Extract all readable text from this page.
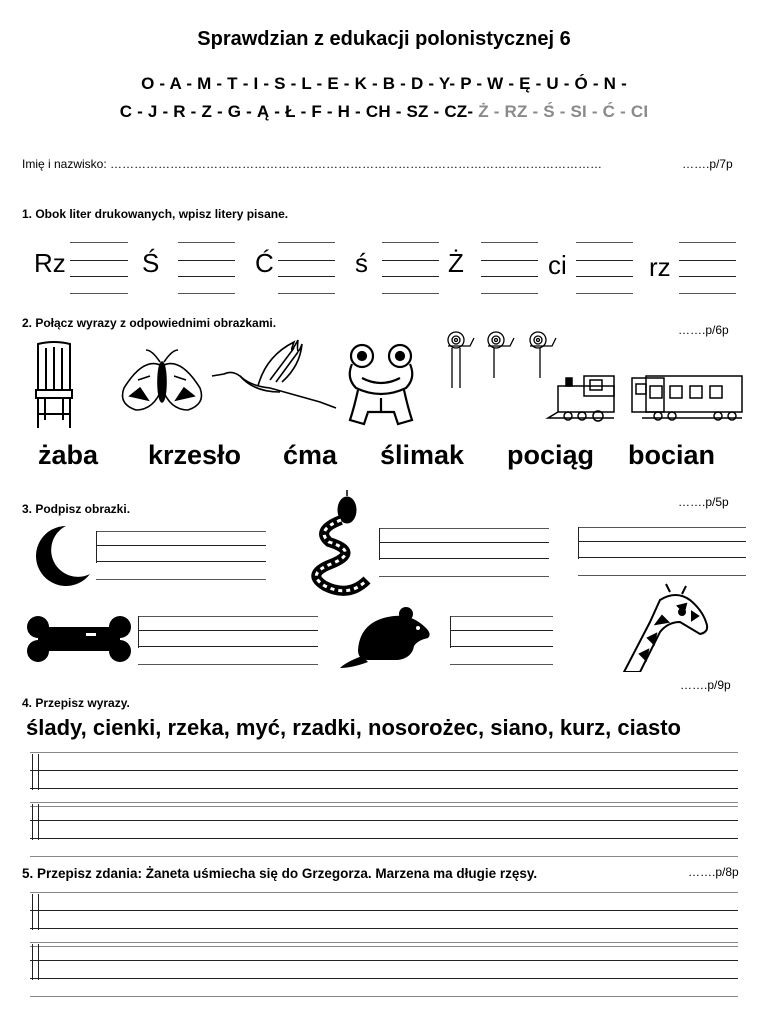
Sprawdzian z edukacji polonistycznej 6
O - A - M - T - I - S - L - E - K - B - D - Y- P - W - Ę - U - Ó - N -
C - J - R - Z - G - Ą - Ł - F - H - CH - SZ - CZ- Ż - RZ - Ś - SI - Ć - CI
Imię i nazwisko: ……………………………………………………………………………………………………………	…….p/7p
1. Obok liter drukowanych, wpisz litery pisane.
Rz	Ś	Ć	ś	Ż	ci	rz
2. Połącz wyrazy z odpowiednimi obrazkami.	…….p/6p
żaba krzesło ćma ślimak pociąg bocian
…….p/5p
3. Podpisz obrazki.
…….p/9p
4. Przepisz wyrazy.
ślady, cienki, rzeka, myć, rzadki, nosorożec, siano, kurz, ciasto
5. Przepisz zdania: Żaneta uśmiecha się do Grzegorza. Marzena ma długie rzęsy.	…….p/8p
